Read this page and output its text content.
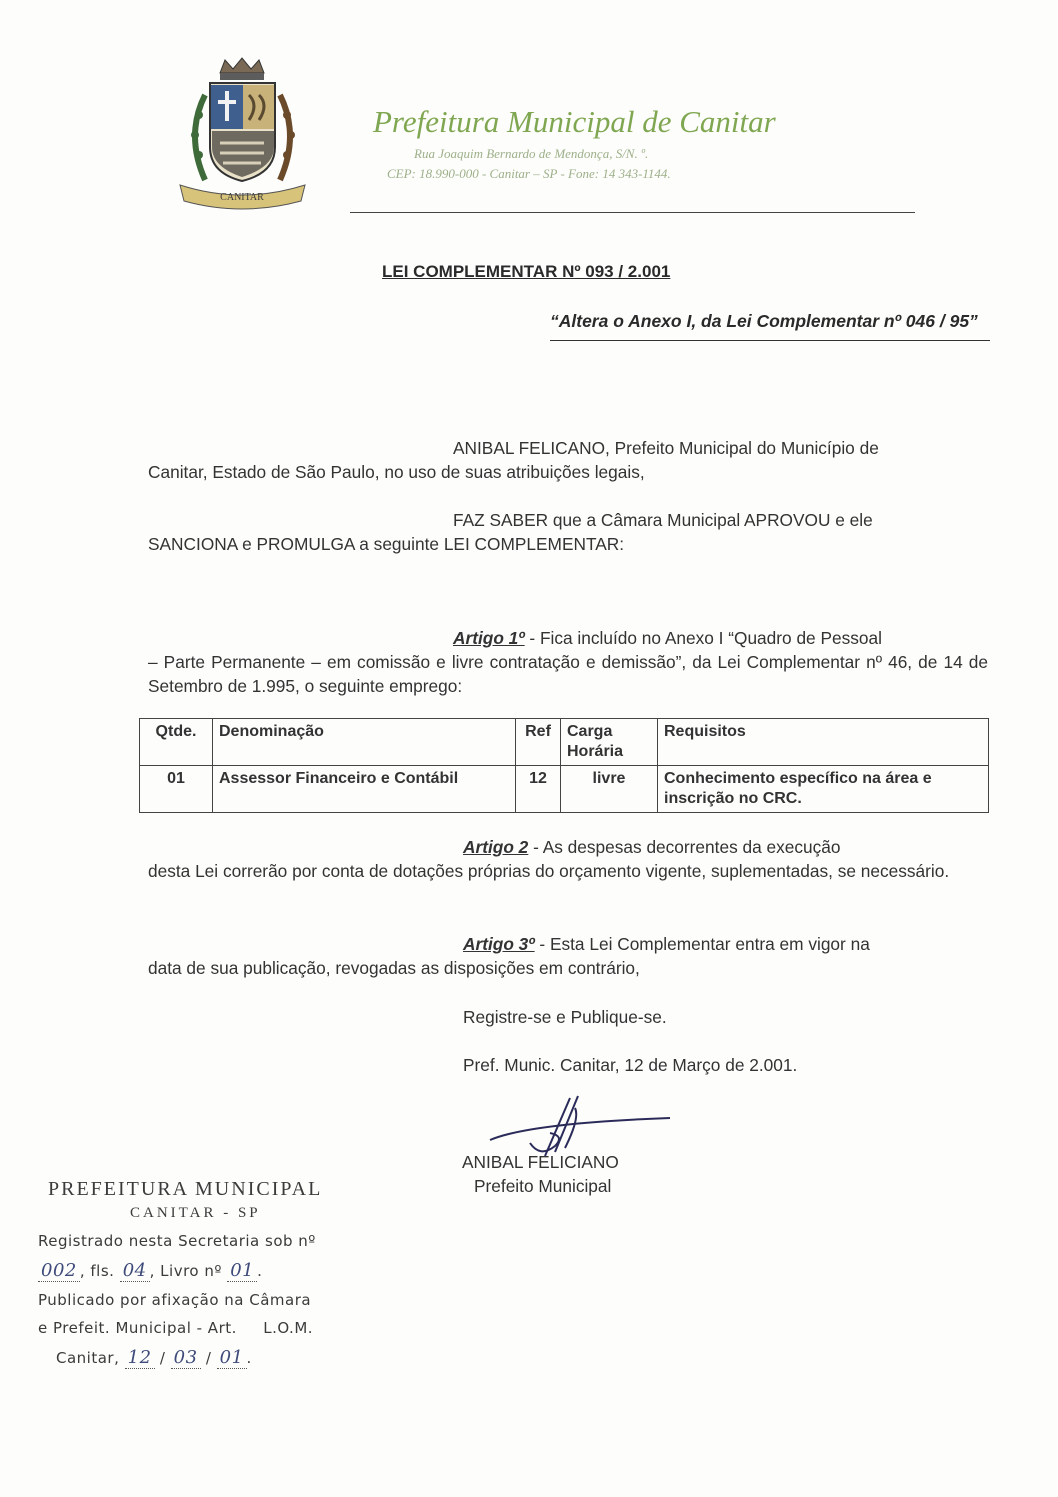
CANITAR
Prefeitura Municipal de Canitar
Rua Joaquim Bernardo de Mendonça, S/N. º.
CEP: 18.990-000 - Canitar – SP - Fone: 14 343-1144.
LEI COMPLEMENTAR Nº 093 / 2.001
“Altera o Anexo I, da Lei Complementar nº 046 / 95”
ANIBAL FELICANO, Prefeito Municipal do Município de
Canitar, Estado de São Paulo, no uso de suas atribuições legais,
FAZ SABER que a Câmara Municipal APROVOU e ele
SANCIONA e PROMULGA a seguinte LEI COMPLEMENTAR:
Artigo 1º - Fica incluído no Anexo I “Quadro de Pessoal
– Parte Permanente – em comissão e livre contratação e demissão”, da Lei Complementar nº 46, de 14 de Setembro de 1.995, o seguinte emprego:
Qtde.	Denominação	Ref	Carga Horária	Requisitos
01	Assessor Financeiro e Contábil	12	livre	Conhecimento específico na área e inscrição no CRC.
Artigo 2 - As despesas decorrentes da execução
desta Lei correrão por conta de dotações próprias do orçamento vigente, suplementadas, se necessário.
Artigo 3º - Esta Lei Complementar entra em vigor na
data de sua publicação, revogadas as disposições em contrário,
Registre-se e Publique-se.
Pref. Munic. Canitar, 12 de Março de 2.001.
ANIBAL FELICIANO
Prefeito Municipal
PREFEITURA MUNICIPAL
CANITAR - SP
Registrado nesta Secretaria sob nº
002 , fls. 04 , Livro nº 01 .
Publicado por afixação na Câmara
e Prefeit. Municipal - Art.     L.O.M.
Canitar, 12 / 03 / 01 .
